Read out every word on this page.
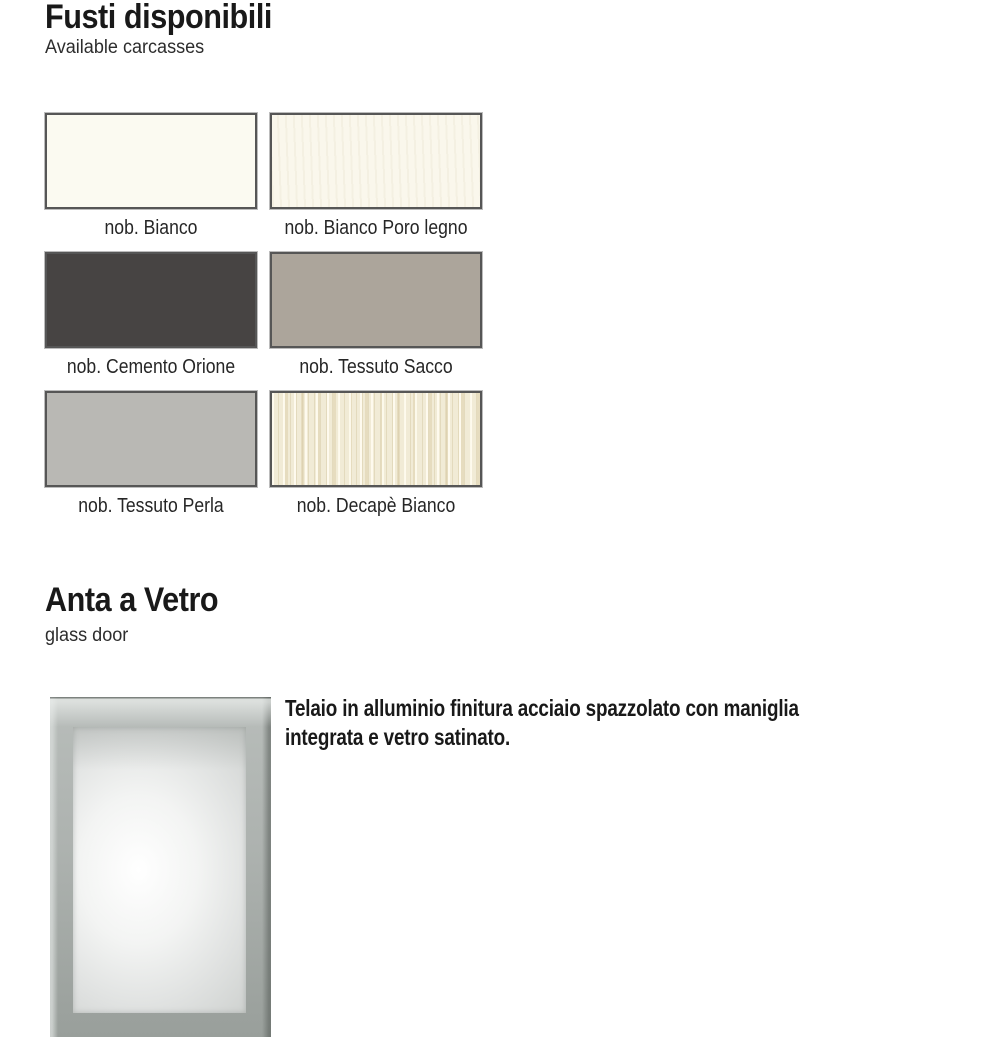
Fusti disponibili

Available carcasses

nob. Bianco	nob. Bianco Poro legno
nob. Cemento Orione	nob. Tessuto Sacco
nob. Tessuto Perla	nob. Decapè Bianco
Anta a Vetro

glass door

Telaio in alluminio finitura acciaio spazzolato con maniglia integrata e vetro satinato.
